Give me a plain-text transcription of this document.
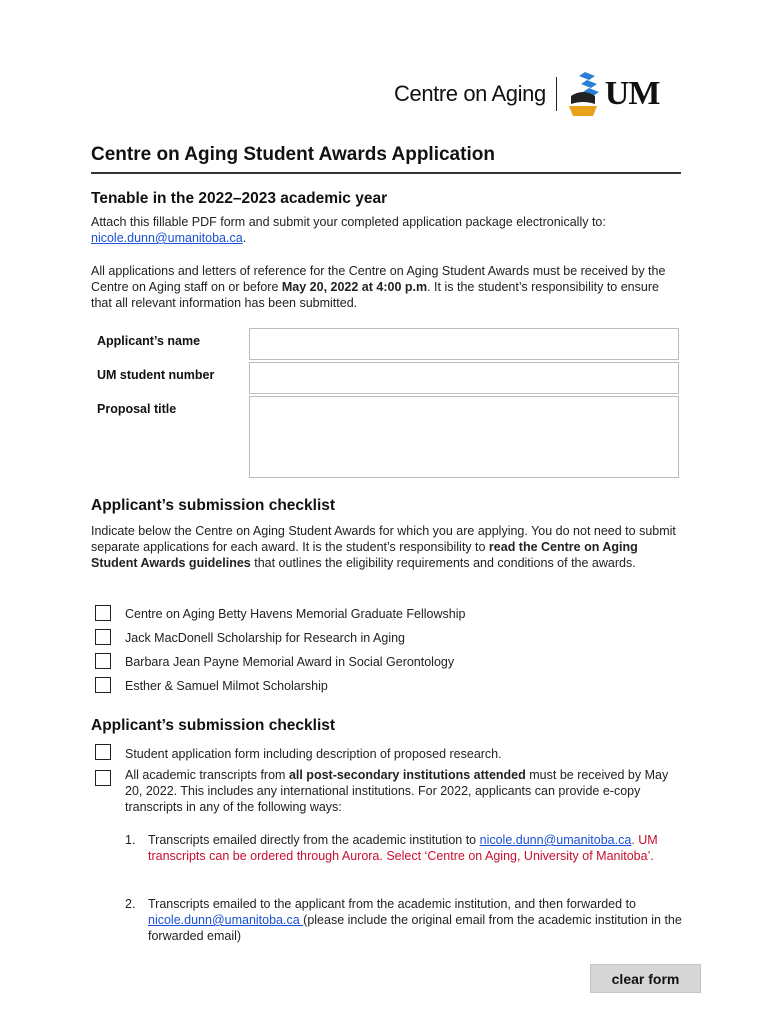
Centre on Aging UM
Centre on Aging Student Awards Application
Tenable in the 2022–2023 academic year

Attach this fillable PDF form and submit your completed application package electronically to: nicole.dunn@umanitoba.ca.

All applications and letters of reference for the Centre on Aging Student Awards must be received by the Centre on Aging staff on or before May 20, 2022 at 4:00 p.m. It is the student’s responsibility to ensure that all relevant information has been submitted.

Applicant’s name
UM student number
Proposal title
Applicant’s submission checklist

Indicate below the Centre on Aging Student Awards for which you are applying. You do not need to submit separate applications for each award. It is the student’s responsibility to read the Centre on Aging Student Awards guidelines that outlines the eligibility requirements and conditions of the awards.

Centre on Aging Betty Havens Memorial Graduate Fellowship
Jack MacDonell Scholarship for Research in Aging
Barbara Jean Payne Memorial Award in Social Gerontology
Esther & Samuel Milmot Scholarship
Applicant’s submission checklist

Student application form including description of proposed research.

All academic transcripts from all post-secondary institutions attended must be received by May 20, 2022. This includes any international institutions. For 2022, applicants can provide e-copy transcripts in any of the following ways:

1. Transcripts emailed directly from the academic institution to nicole.dunn@umanitoba.ca. UM transcripts can be ordered through Aurora. Select ‘Centre on Aging, University of Manitoba’.
2. Transcripts emailed to the applicant from the academic institution, and then forwarded to nicole.dunn@umanitoba.ca (please include the original email from the academic institution in the forwarded email)
clear form
